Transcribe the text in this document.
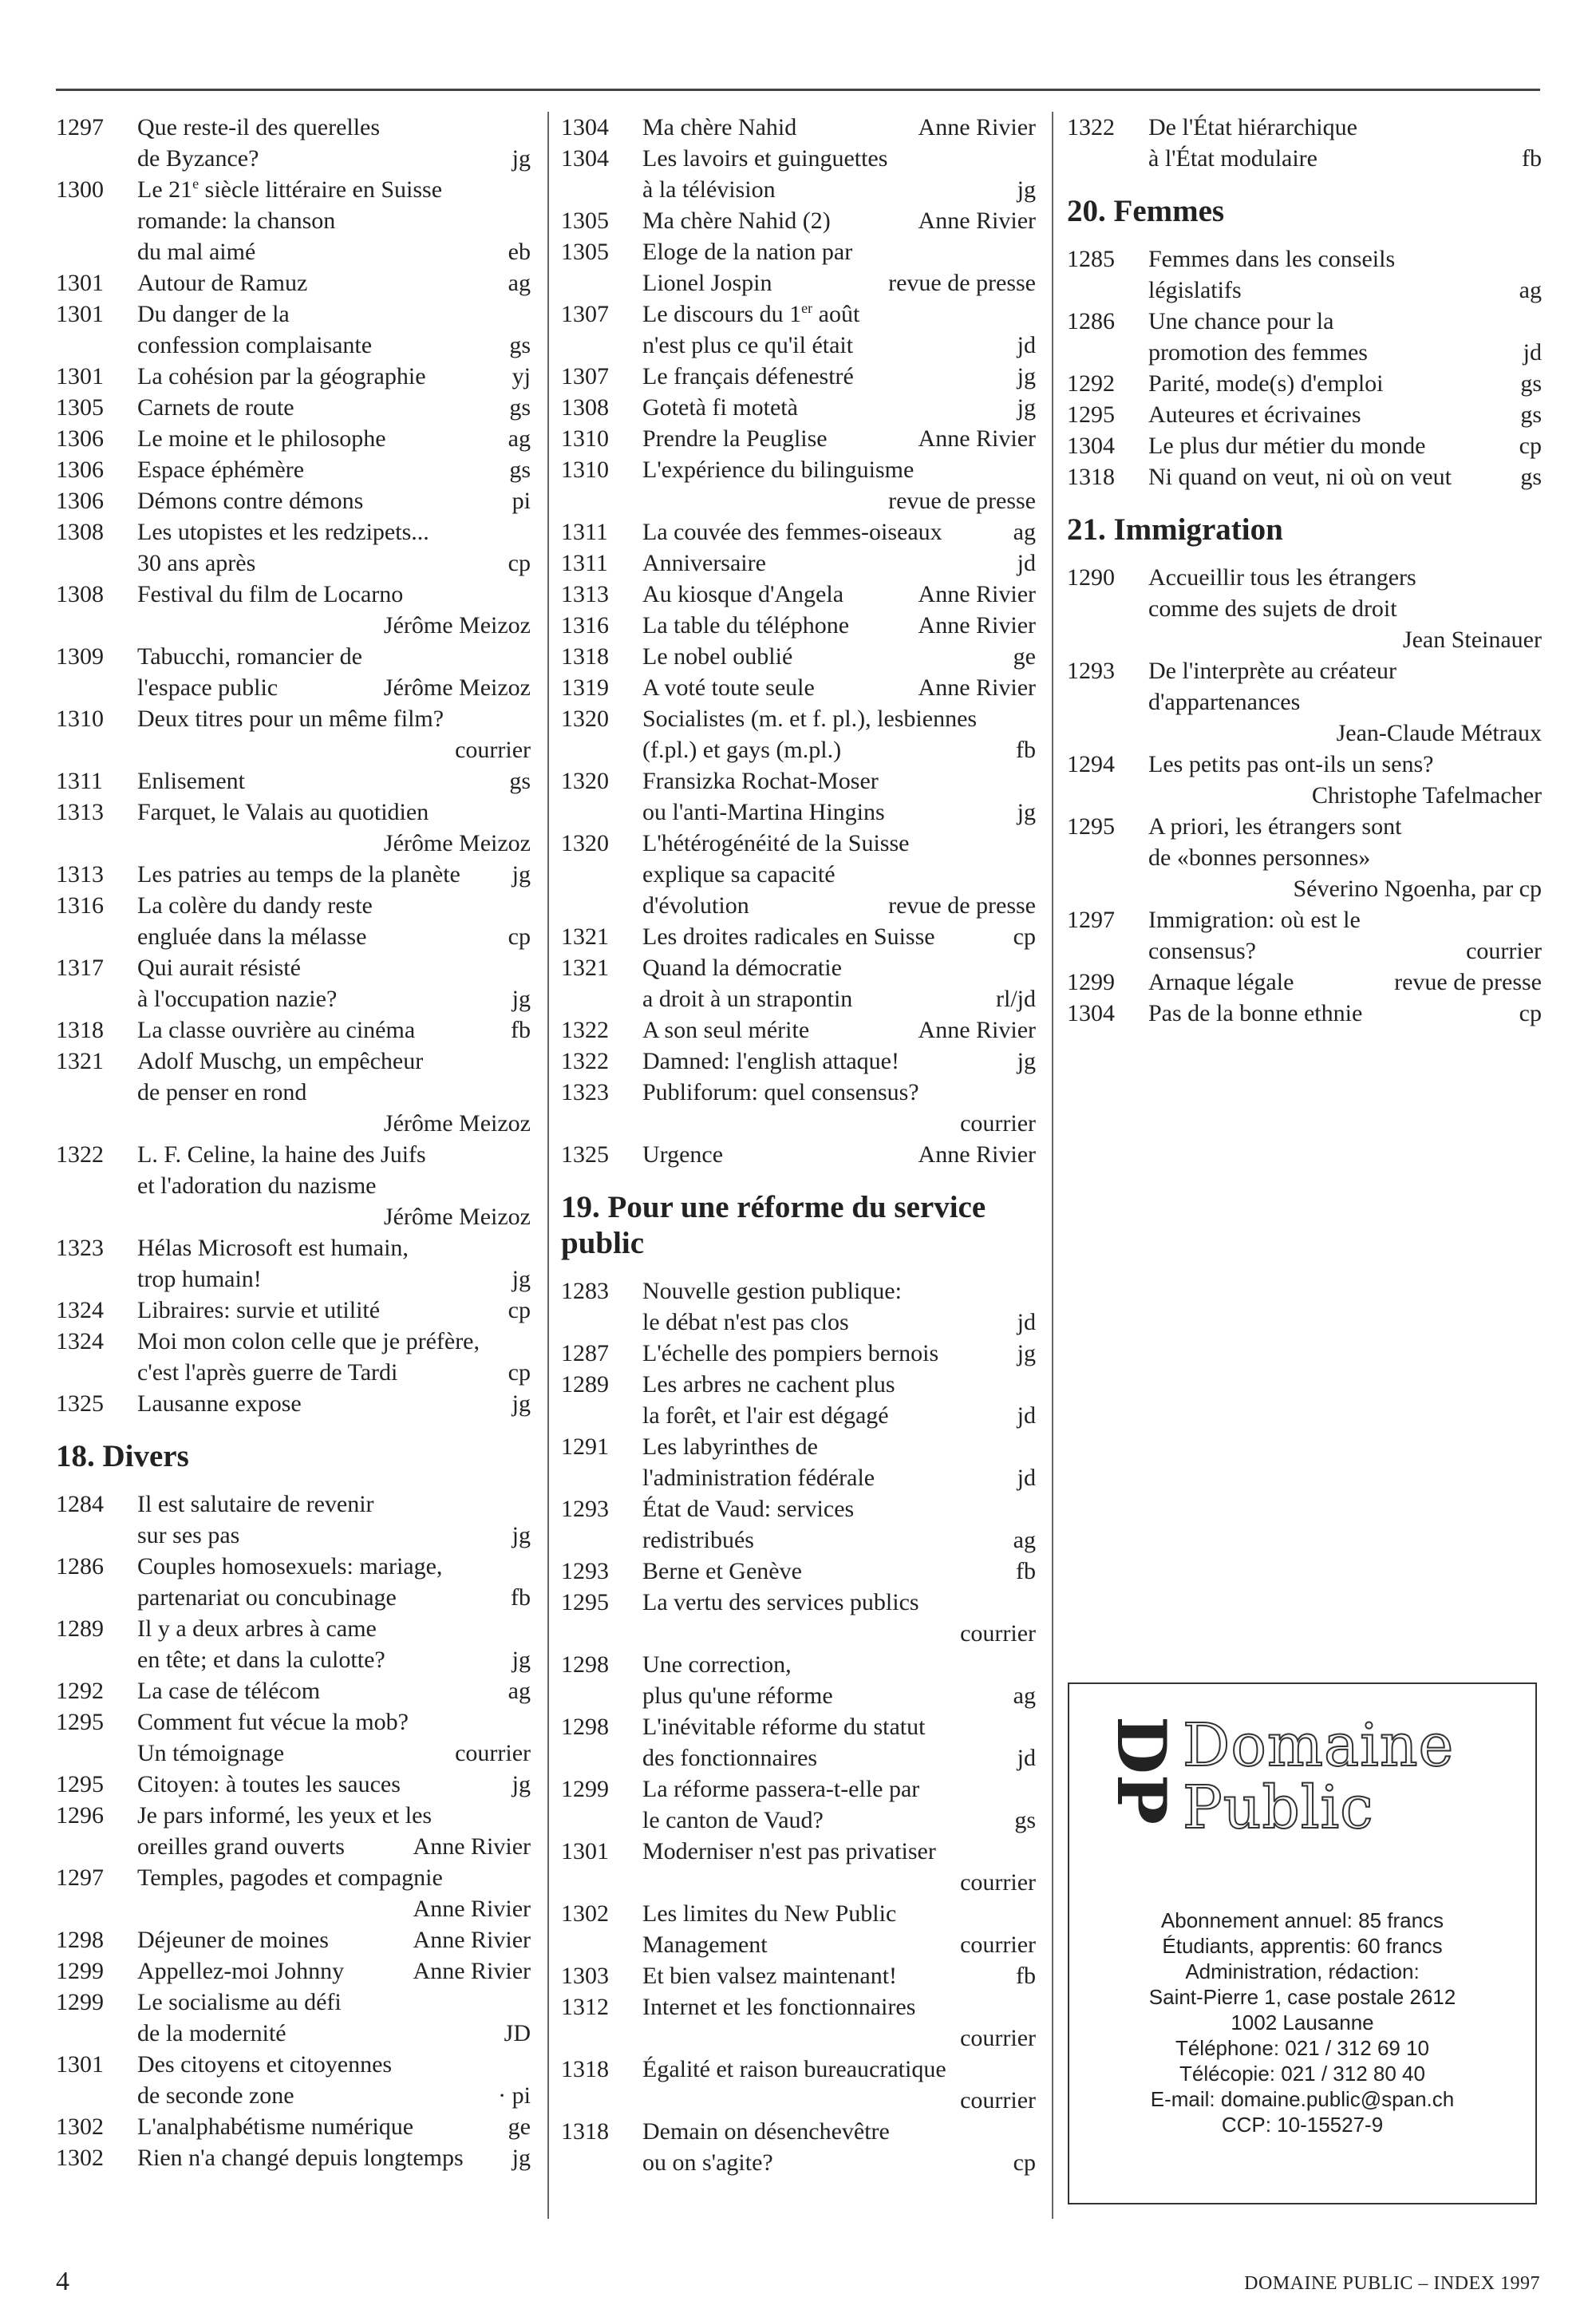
1297 Que reste-il des querelles
de Byzance?	jg
1300 Le 21e siècle littéraire en Suisse
romande: la chanson
du mal aimé	eb
1301 Autour de Ramuz	ag
1301 Du danger de la
confession complaisante	gs
1301 La cohésion par la géographie	yj
1305 Carnets de route	gs
1306 Le moine et le philosophe	ag
1306 Espace éphémère	gs
1306 Démons contre démons	pi
1308 Les utopistes et les redzipets...
30 ans après	cp
1308 Festival du film de Locarno
Jérôme Meizoz
1309 Tabucchi, romancier de
l'espace public	Jérôme Meizoz
1310 Deux titres pour un même film?
courrier
1311 Enlisement	gs
1313 Farquet, le Valais au quotidien
Jérôme Meizoz
1313 Les patries au temps de la planète	jg
1316 La colère du dandy reste
engluée dans la mélasse	cp
1317 Qui aurait résisté
à l'occupation nazie?	jg
1318 La classe ouvrière au cinéma	fb
1321 Adolf Muschg, un empêcheur
de penser en rond
Jérôme Meizoz
1322 L. F. Celine, la haine des Juifs
et l'adoration du nazisme
Jérôme Meizoz
1323 Hélas Microsoft est humain,
trop humain!	jg
1324 Libraires: survie et utilité	cp
1324 Moi mon colon celle que je préfère,
c'est l'après guerre de Tardi	cp
1325 Lausanne expose	jg
18. Divers
1284 Il est salutaire de revenir
sur ses pas	jg
1286 Couples homosexuels: mariage,
partenariat ou concubinage	fb
1289 Il y a deux arbres à came
en tête; et dans la culotte?	jg
1292 La case de télécom	ag
1295 Comment fut vécue la mob?
Un témoignage	courrier
1295 Citoyen: à toutes les sauces	jg
1296 Je pars informé, les yeux et les
oreilles grand ouverts	Anne Rivier
1297 Temples, pagodes et compagnie
Anne Rivier
1298 Déjeuner de moines	Anne Rivier
1299 Appellez-moi Johnny	Anne Rivier
1299 Le socialisme au défi
de la modernité	JD
1301 Des citoyens et citoyennes
de seconde zone	· pi
1302 L'analphabétisme numérique	ge
1302 Rien n'a changé depuis longtemps	jg
1304 Ma chère Nahid	Anne Rivier
1304 Les lavoirs et guinguettes
à la télévision	jg
1305 Ma chère Nahid (2)	Anne Rivier
1305 Eloge de la nation par
Lionel Jospin	revue de presse
1307 Le discours du 1er août
n'est plus ce qu'il était	jd
1307 Le français défenestré	jg
1308 Gotetà fi motetà	jg
1310 Prendre la Peuglise	Anne Rivier
1310 L'expérience du bilinguisme
revue de presse
1311 La couvée des femmes-oiseaux	ag
1311 Anniversaire	jd
1313 Au kiosque d'Angela	Anne Rivier
1316 La table du téléphone	Anne Rivier
1318 Le nobel oublié	ge
1319 A voté toute seule	Anne Rivier
1320 Socialistes (m. et f. pl.), lesbiennes
(f.pl.) et gays (m.pl.)	fb
1320 Fransizka Rochat-Moser
ou l'anti-Martina Hingins	jg
1320 L'hétérogénéité de la Suisse
explique sa capacité
d'évolution	revue de presse
1321 Les droites radicales en Suisse	cp
1321 Quand la démocratie
a droit à un strapontin	rl/jd
1322 A son seul mérite	Anne Rivier
1322 Damned: l'english attaque!	jg
1323 Publiforum: quel consensus?
courrier
1325 Urgence	Anne Rivier
19. Pour une réforme du service public
1283 Nouvelle gestion publique:
le débat n'est pas clos	jd
1287 L'échelle des pompiers bernois	jg
1289 Les arbres ne cachent plus
la forêt, et l'air est dégagé	jd
1291 Les labyrinthes de
l'administration fédérale	jd
1293 État de Vaud: services
redistribués	ag
1293 Berne et Genève	fb
1295 La vertu des services publics
courrier
1298 Une correction,
plus qu'une réforme	ag
1298 L'inévitable réforme du statut
des fonctionnaires	jd
1299 La réforme passera-t-elle par
le canton de Vaud?	gs
1301 Moderniser n'est pas privatiser
courrier
1302 Les limites du New Public
Management	courrier
1303 Et bien valsez maintenant!	fb
1312 Internet et les fonctionnaires
courrier
1318 Égalité et raison bureaucratique
courrier
1318 Demain on désenchevêtre
ou on s'agite?	cp
1322 De l'État hiérarchique
à l'État modulaire	fb
20. Femmes
1285 Femmes dans les conseils
législatifs	ag
1286 Une chance pour la
promotion des femmes	jd
1292 Parité, mode(s) d'emploi	gs
1295 Auteures et écrivaines	gs
1304 Le plus dur métier du monde	cp
1318 Ni quand on veut, ni où on veut	gs
21. Immigration
1290 Accueillir tous les étrangers
comme des sujets de droit
Jean Steinauer
1293 De l'interprète au créateur
d'appartenances
Jean-Claude Métraux
1294 Les petits pas ont-ils un sens?
Christophe Tafelmacher
1295 A priori, les étrangers sont
de «bonnes personnes»
Séverino Ngoenha, par cp
1297 Immigration: où est le
consensus?	courrier
1299 Arnaque légale	revue de presse
1304 Pas de la bonne ethnie	cp
DP Domaine
Public
Abonnement annuel: 85 francs
Étudiants, apprentis: 60 francs
Administration, rédaction:
Saint-Pierre 1, case postale 2612
1002 Lausanne
Téléphone: 021 / 312 69 10
Télécopie: 021 / 312 80 40
E-mail: domaine.public@span.ch
CCP: 10-15527-9
4	DOMAINE PUBLIC – INDEX 1997
